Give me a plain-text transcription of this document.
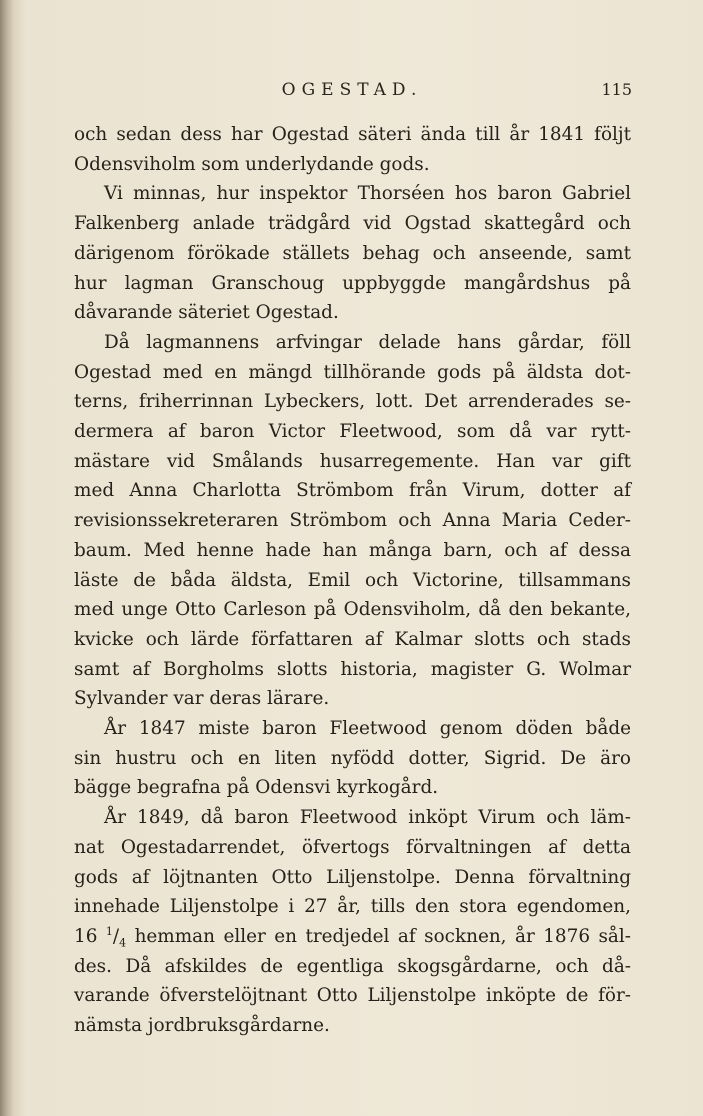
OGESTAD.	115

och sedan dess har Ogestad säteri ända till år 1841 följt
Odensviholm som underlydande gods.

Vi minnas, hur inspektor Thorséen hos baron Gabriel
Falkenberg anlade trädgård vid Ogstad skattegård och
därigenom förökade ställets behag och anseende, samt
hur lagman Granschoug uppbyggde mangårdshus på
dåvarande säteriet Ogestad.

Då lagmannens arfvingar delade hans gårdar, föll
Ogestad med en mängd tillhörande gods på äldsta dot-
terns, friherrinnan Lybeckers, lott. Det arrenderades se-
dermera af baron Victor Fleetwood, som då var rytt-
mästare vid Smålands husarregemente. Han var gift
med Anna Charlotta Strömbom från Virum, dotter af
revisionssekreteraren Strömbom och Anna Maria Ceder-
baum. Med henne hade han många barn, och af dessa
läste de båda äldsta, Emil och Victorine, tillsammans
med unge Otto Carleson på Odensviholm, då den bekante,
kvicke och lärde författaren af Kalmar slotts och stads
samt af Borgholms slotts historia, magister G. Wolmar
Sylvander var deras lärare.

År 1847 miste baron Fleetwood genom döden både
sin hustru och en liten nyfödd dotter, Sigrid. De äro
bägge begrafna på Odensvi kyrkogård.

År 1849, då baron Fleetwood inköpt Virum och läm-
nat Ogestadarrendet, öfvertogs förvaltningen af detta
gods af löjtnanten Otto Liljenstolpe. Denna förvaltning
innehade Liljenstolpe i 27 år, tills den stora egendomen,
16 $^1/_4$ hemman eller en tredjedel af socknen, år 1876 sål-
des. Då afskildes de egentliga skogsgårdarne, och då-
varande öfverstelöjtnant Otto Liljenstolpe inköpte de för-
nämsta jordbruksgårdarne.
